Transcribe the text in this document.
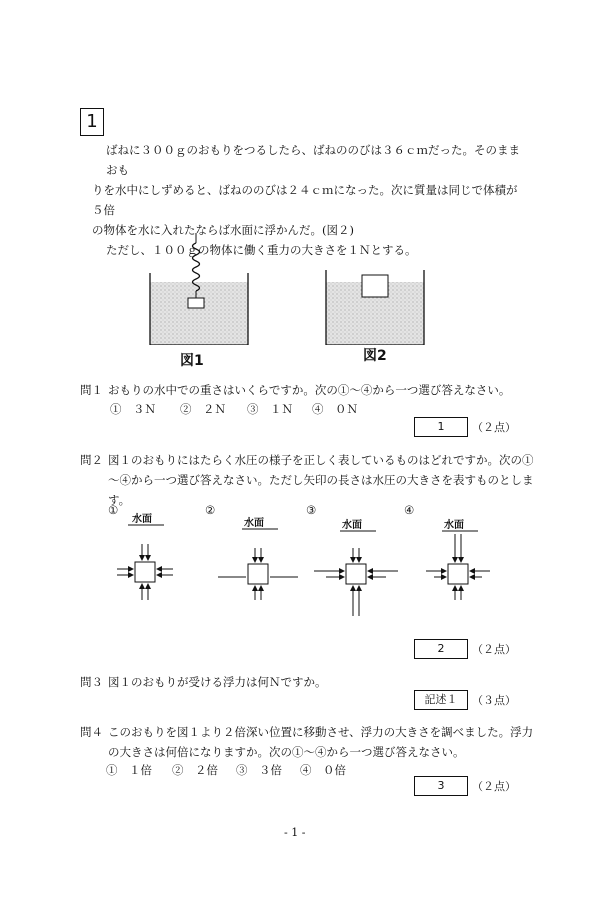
1

ばねに３００ｇのおもりをつるしたら、ばねののびは３６ｃｍだった。そのままおも

りを水中にしずめると、ばねののびは２４ｃｍになった。次に質量は同じで体積が５倍

の物体を水に入れたならば水面に浮かんだ。(図２)

ただし、１００ｇの物体に働く重力の大きさを１Ｎとする。

図1	図2
問１ おもりの水中での重さはいくらですか。次の①～④から一つ選び答えなさい。
①　３Ｎ ②　２Ｎ ③　１Ｎ ④　０Ｎ
1	（２点）
問２ 図１のおもりにはたらく水圧の様子を正しく表しているものはどれですか。次の①
～④から一つ選び答えなさい。ただし矢印の長さは水圧の大きさを表すものとしま
す。
①	②	③	④
水面	水面	水面	水面
2	（２点）
問３ 図１のおもりが受ける浮力は何Ｎですか。
記述１	（３点）
問４ このおもりを図１より２倍深い位置に移動させ、浮力の大きさを調べました。浮力
の大きさは何倍になりますか。次の①～④から一つ選び答えなさい。
①　１倍 ②　２倍 ③　３倍 ④　０倍
3	（２点）
- 1 -
